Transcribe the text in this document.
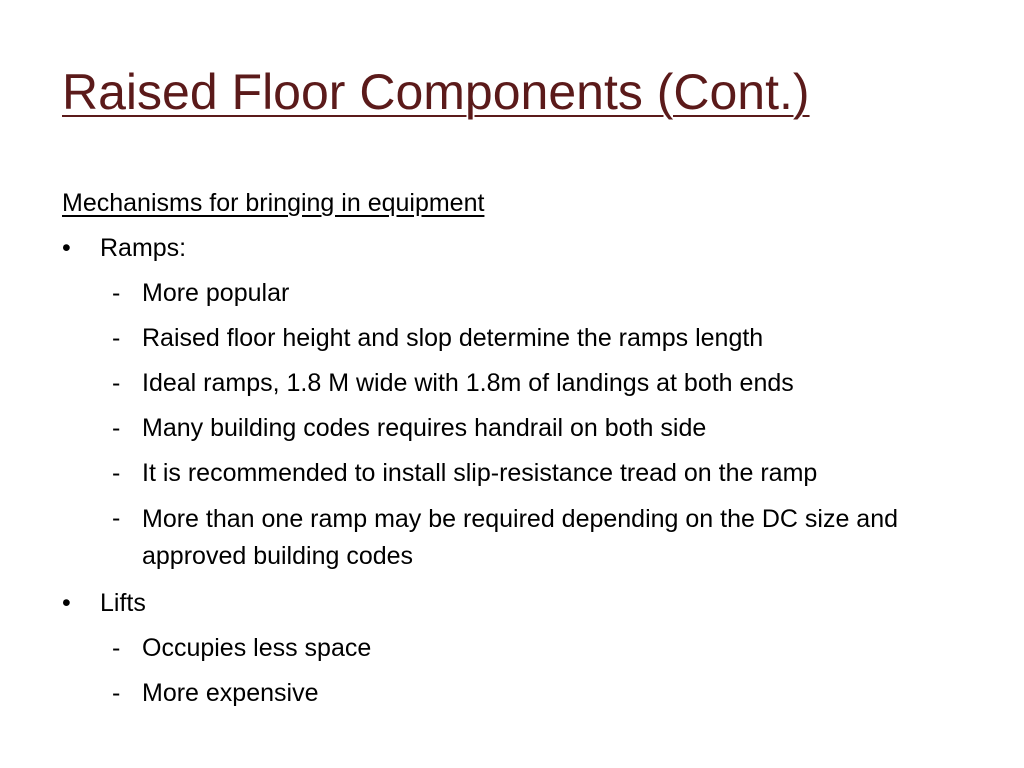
Raised Floor Components (Cont.)
Mechanisms for bringing in equipment
•	Ramps:
- More popular
- Raised floor height and slop determine the ramps length
- Ideal ramps, 1.8 M wide with 1.8m of landings at both ends
- Many building codes requires handrail on both side
- It is recommended to install slip-resistance tread on the ramp
- More than one ramp may be required depending on the DC size and approved building codes
•	Lifts
- Occupies less space
- More expensive
